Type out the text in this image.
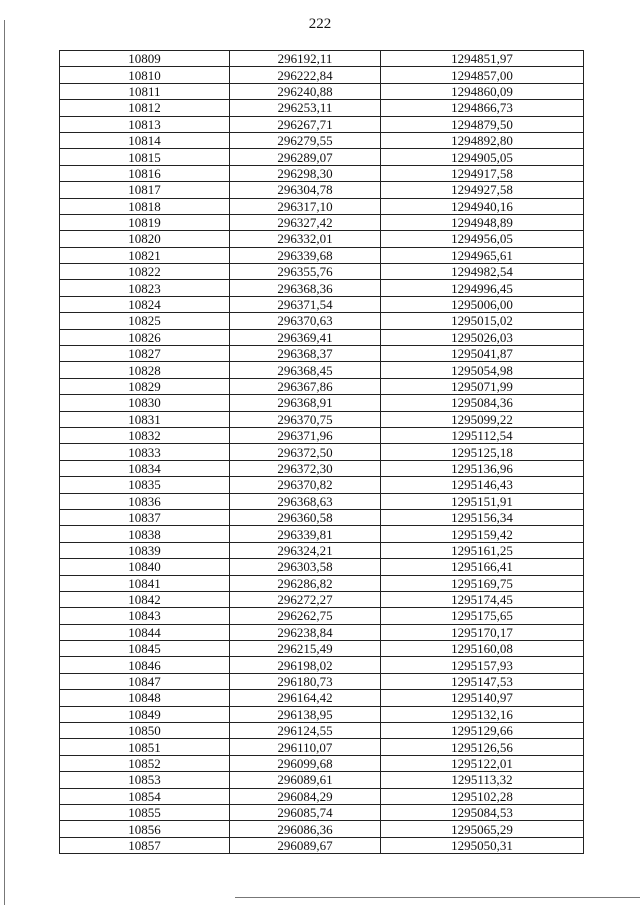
222
10809	296192,11	1294851,97
10810	296222,84	1294857,00
10811	296240,88	1294860,09
10812	296253,11	1294866,73
10813	296267,71	1294879,50
10814	296279,55	1294892,80
10815	296289,07	1294905,05
10816	296298,30	1294917,58
10817	296304,78	1294927,58
10818	296317,10	1294940,16
10819	296327,42	1294948,89
10820	296332,01	1294956,05
10821	296339,68	1294965,61
10822	296355,76	1294982,54
10823	296368,36	1294996,45
10824	296371,54	1295006,00
10825	296370,63	1295015,02
10826	296369,41	1295026,03
10827	296368,37	1295041,87
10828	296368,45	1295054,98
10829	296367,86	1295071,99
10830	296368,91	1295084,36
10831	296370,75	1295099,22
10832	296371,96	1295112,54
10833	296372,50	1295125,18
10834	296372,30	1295136,96
10835	296370,82	1295146,43
10836	296368,63	1295151,91
10837	296360,58	1295156,34
10838	296339,81	1295159,42
10839	296324,21	1295161,25
10840	296303,58	1295166,41
10841	296286,82	1295169,75
10842	296272,27	1295174,45
10843	296262,75	1295175,65
10844	296238,84	1295170,17
10845	296215,49	1295160,08
10846	296198,02	1295157,93
10847	296180,73	1295147,53
10848	296164,42	1295140,97
10849	296138,95	1295132,16
10850	296124,55	1295129,66
10851	296110,07	1295126,56
10852	296099,68	1295122,01
10853	296089,61	1295113,32
10854	296084,29	1295102,28
10855	296085,74	1295084,53
10856	296086,36	1295065,29
10857	296089,67	1295050,31
